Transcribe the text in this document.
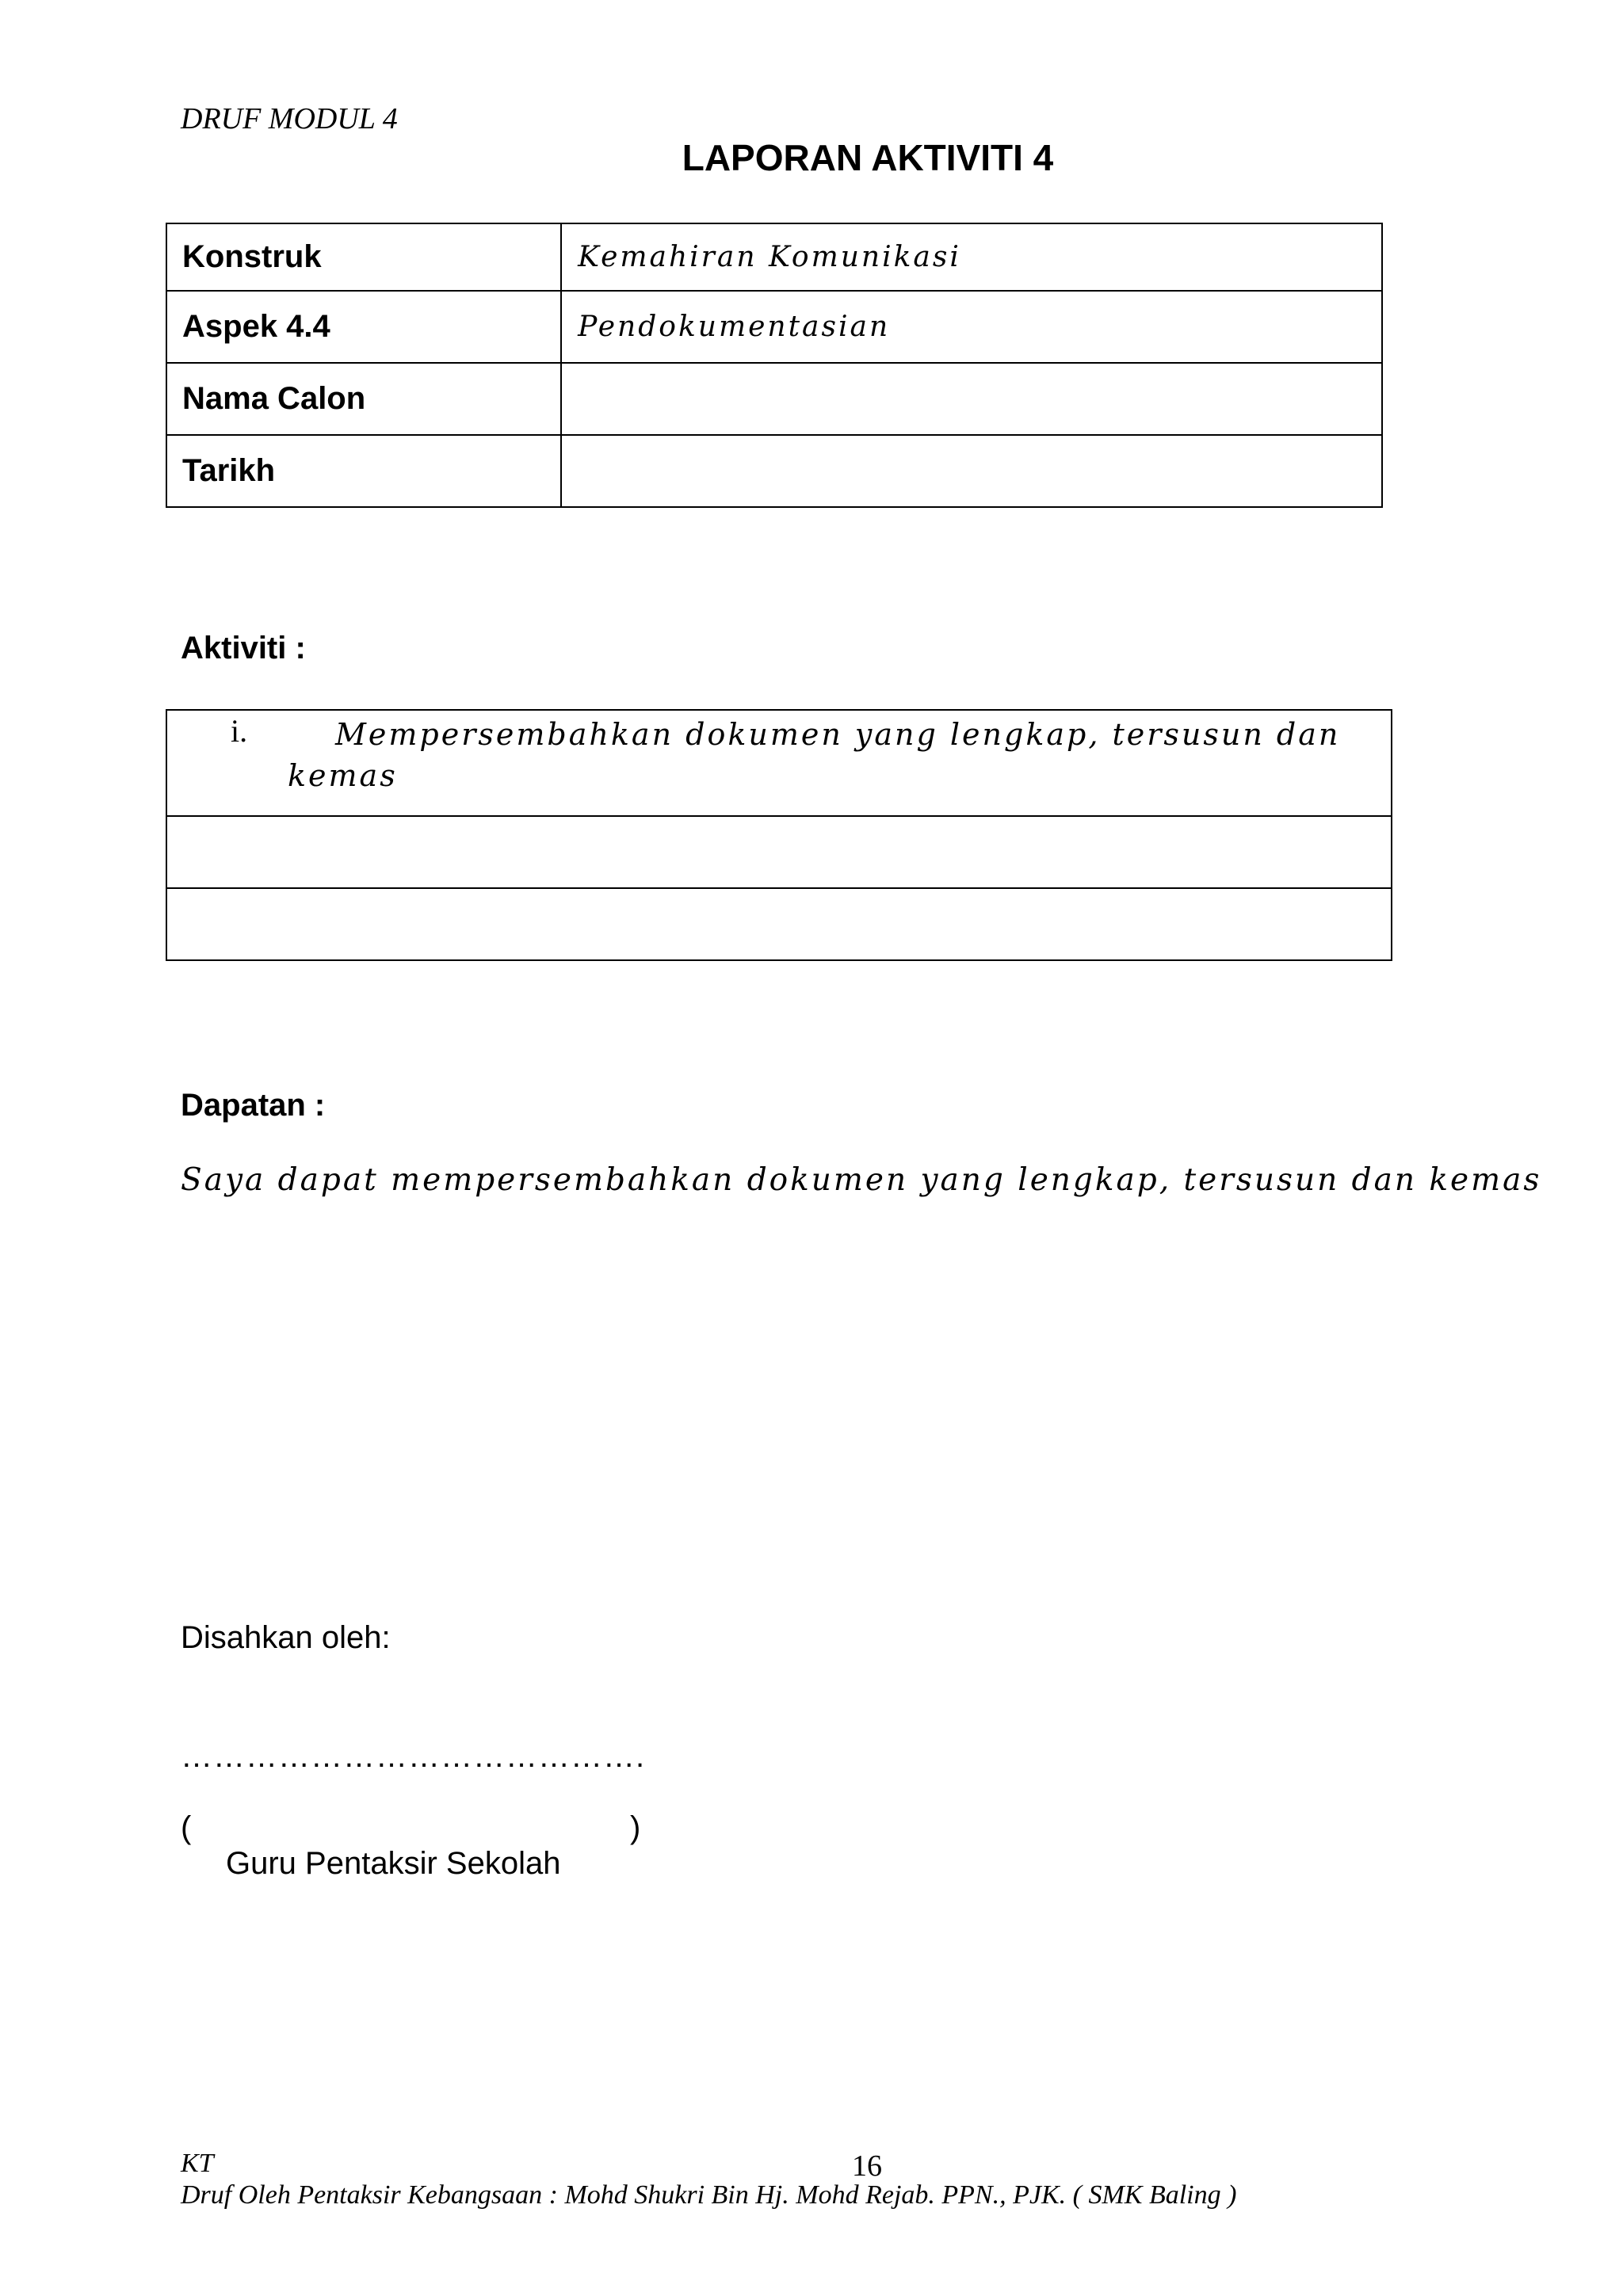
DRUF MODUL 4
LAPORAN AKTIVITI 4
Konstruk	Kemahiran Komunikasi
Aspek 4.4	Pendokumentasian
Nama Calon	
Tarikh	
Aktiviti :
i.	Mempersembahkan dokumen yang lengkap, tersusun dan kemas

Dapatan :
Saya dapat mempersembahkan dokumen yang lengkap, tersusun dan kemas
Disahkan oleh:
…………………………………….
(	)
Guru Pentaksir Sekolah
KT	16
Druf Oleh Pentaksir Kebangsaan : Mohd Shukri Bin Hj. Mohd Rejab. PPN., PJK. ( SMK Baling )
